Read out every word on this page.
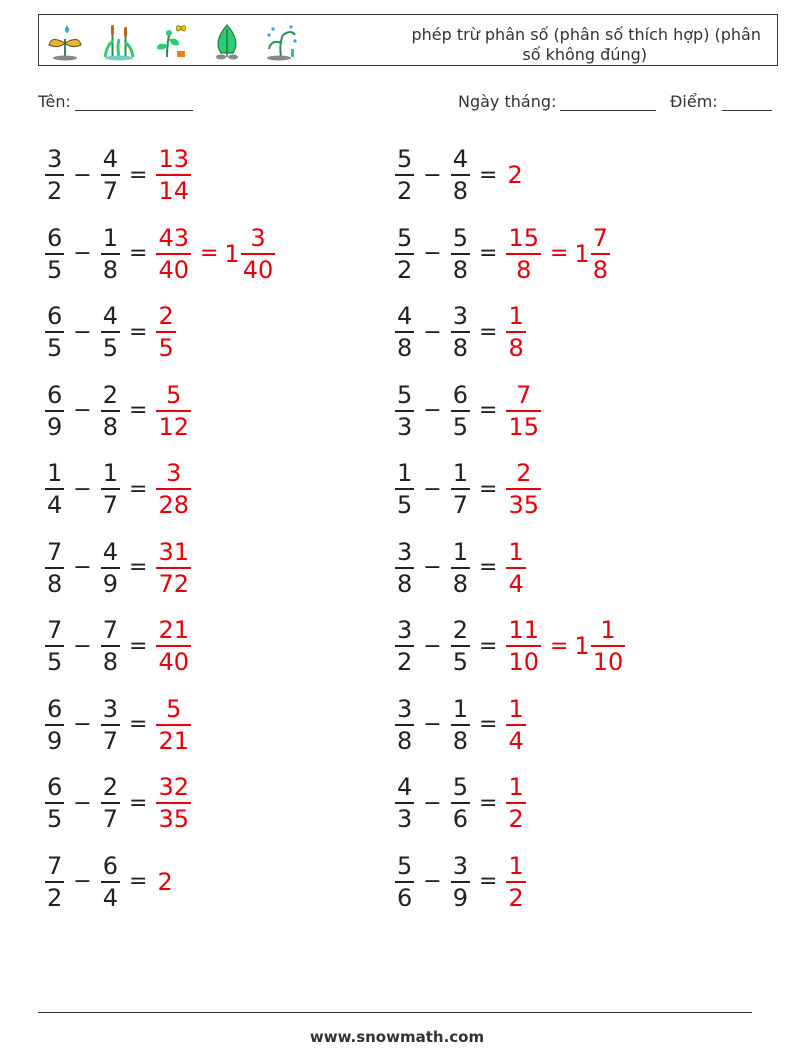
phép trừ phân số (phân số thích hợp) (phân
số không đúng)
Tên:	Ngày tháng:	Điểm:
$\frac{3}{2} - \frac{4}{7} = \frac{13}{14}$	$\frac{5}{2} - \frac{4}{8} = 2$
$\frac{6}{5} - \frac{1}{8} = \frac{43}{40} = 1 \frac{3}{40}$	$\frac{5}{2} - \frac{5}{8} = \frac{15}{8} = 1 \frac{7}{8}$
$\frac{6}{5} - \frac{4}{5} = \frac{2}{5}$	$\frac{4}{8} - \frac{3}{8} = \frac{1}{8}$
$\frac{6}{9} - \frac{2}{8} = \frac{5}{12}$	$\frac{5}{3} - \frac{6}{5} = \frac{7}{15}$
$\frac{1}{4} - \frac{1}{7} = \frac{3}{28}$	$\frac{1}{5} - \frac{1}{7} = \frac{2}{35}$
$\frac{7}{8} - \frac{4}{9} = \frac{31}{72}$	$\frac{3}{8} - \frac{1}{8} = \frac{1}{4}$
$\frac{7}{5} - \frac{7}{8} = \frac{21}{40}$	$\frac{3}{2} - \frac{2}{5} = \frac{11}{10} = 1 \frac{1}{10}$
$\frac{6}{9} - \frac{3}{7} = \frac{5}{21}$	$\frac{3}{8} - \frac{1}{8} = \frac{1}{4}$
$\frac{6}{5} - \frac{2}{7} = \frac{32}{35}$	$\frac{4}{3} - \frac{5}{6} = \frac{1}{2}$
$\frac{7}{2} - \frac{6}{4} = 2$	$\frac{5}{6} - \frac{3}{9} = \frac{1}{2}$
www.snowmath.com
